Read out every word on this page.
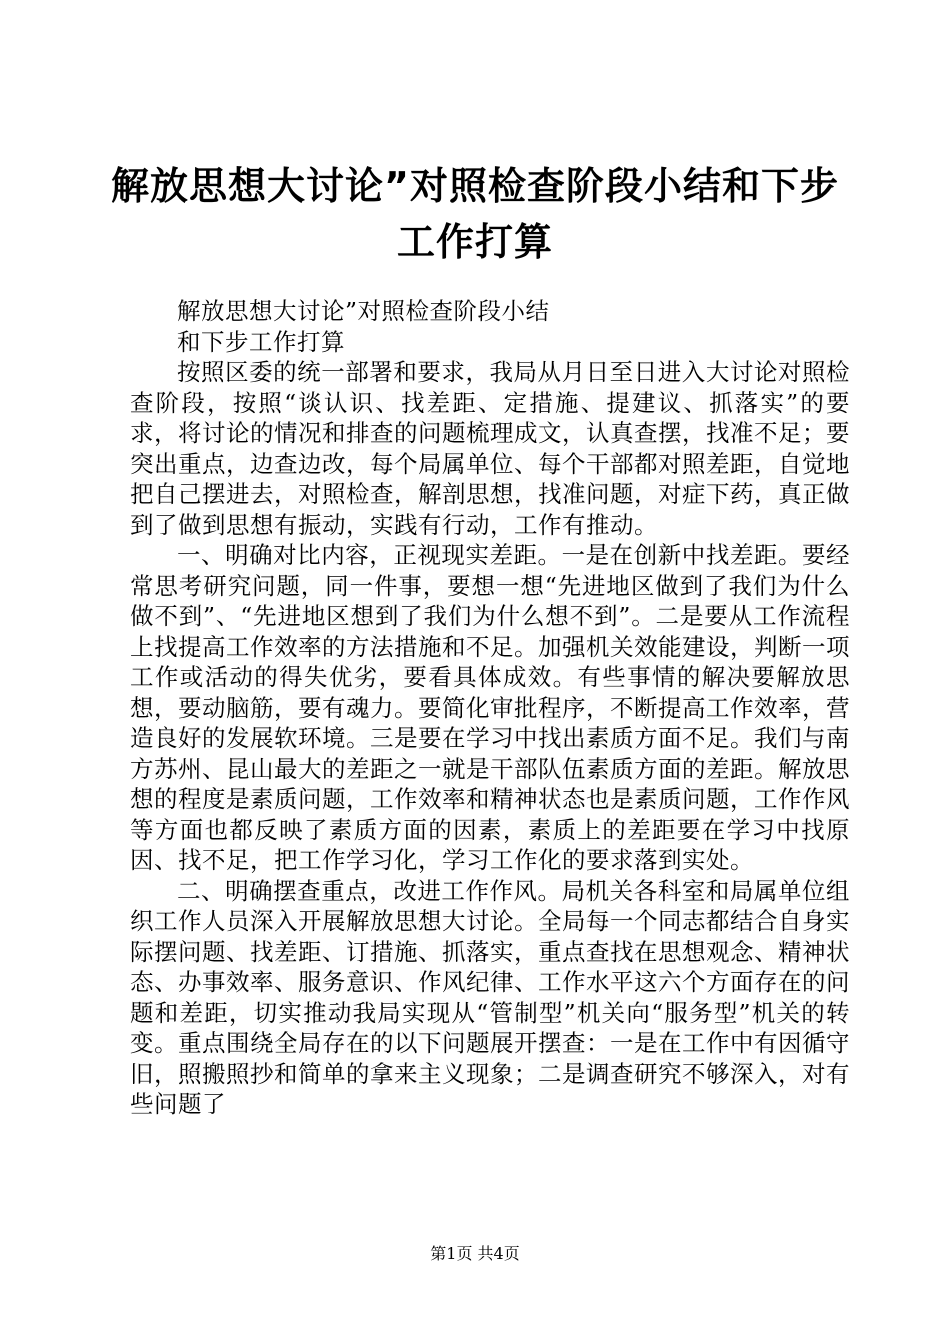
解放思想大讨论”对照检查阶段小结和下步工作打算

解放思想大讨论”对照检查阶段小结

和下步工作打算

按照区委的统一部署和要求，我局从月日至日进入大讨论对照检查阶段，按照“谈认识、找差距、定措施、提建议、抓落实”的要求，将讨论的情况和排查的问题梳理成文，认真查摆，找准不足；要突出重点，边查边改，每个局属单位、每个干部都对照差距，自觉地把自己摆进去，对照检查，解剖思想，找准问题，对症下药，真正做到了做到思想有振动，实践有行动，工作有推动。

一、明确对比内容，正视现实差距。一是在创新中找差距。要经常思考研究问题，同一件事，要想一想“先进地区做到了我们为什么做不到”、“先进地区想到了我们为什么想不到”。二是要从工作流程上找提高工作效率的方法措施和不足。加强机关效能建设，判断一项工作或活动的得失优劣，要看具体成效。有些事情的解决要解放思想，要动脑筋，要有魂力。要简化审批程序，不断提高工作效率，营造良好的发展软环境。三是要在学习中找出素质方面不足。我们与南方苏州、昆山最大的差距之一就是干部队伍素质方面的差距。解放思想的程度是素质问题，工作效率和精神状态也是素质问题，工作作风等方面也都反映了素质方面的因素，素质上的差距要在学习中找原因、找不足，把工作学习化，学习工作化的要求落到实处。

二、明确摆查重点，改进工作作风。局机关各科室和局属单位组织工作人员深入开展解放思想大讨论。全局每一个同志都结合自身实际摆问题、找差距、订措施、抓落实，重点查找在思想观念、精神状态、办事效率、服务意识、作风纪律、工作水平这六个方面存在的问题和差距，切实推动我局实现从“管制型”机关向“服务型”机关的转变。重点围绕全局存在的以下问题展开摆查：一是在工作中有因循守旧，照搬照抄和简单的拿来主义现象；二是调查研究不够深入，对有些问题了

第1页 共4页
